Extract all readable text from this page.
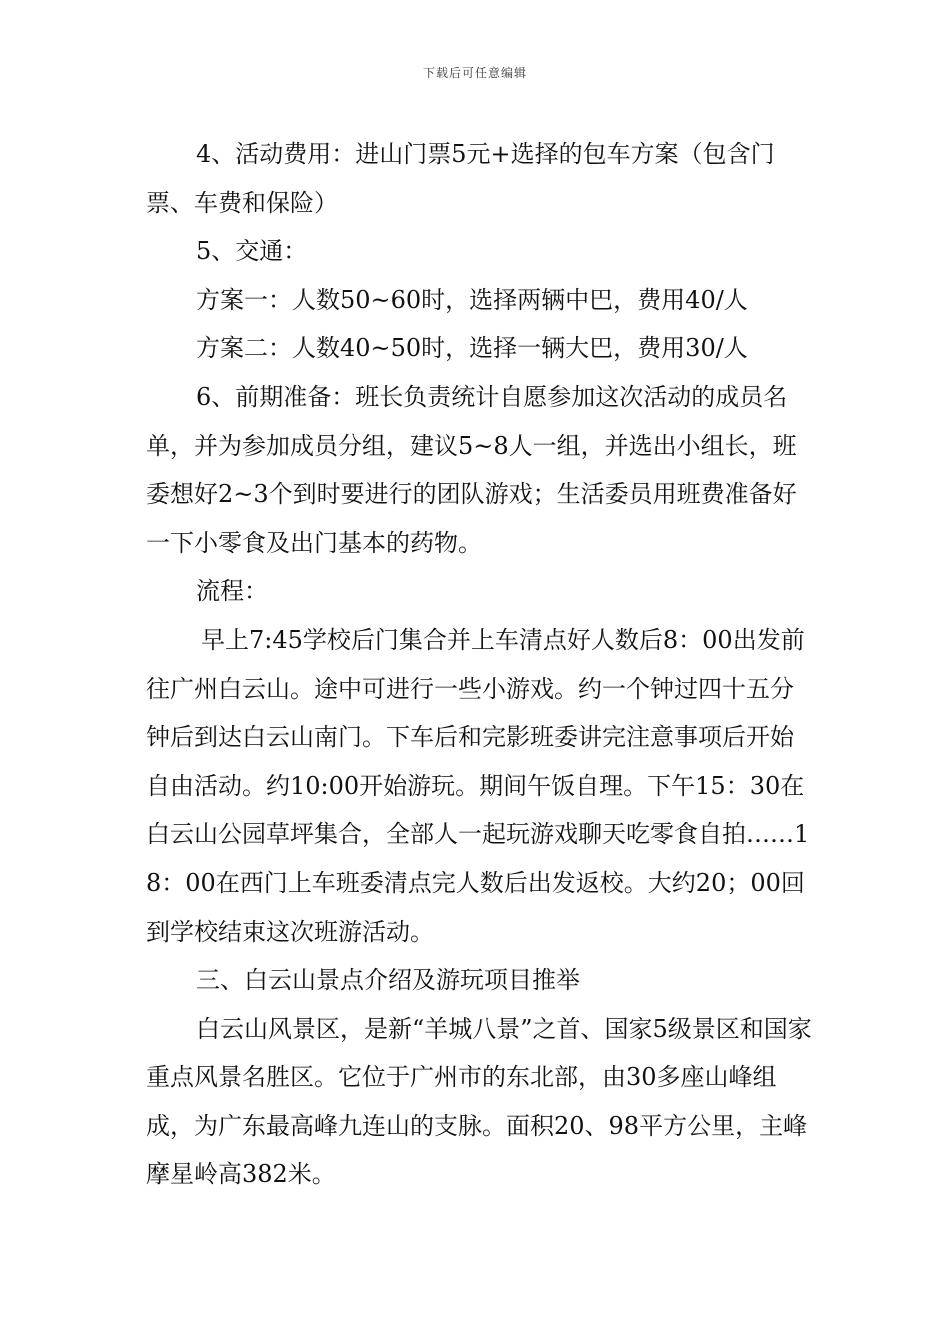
下载后可任意编辑

4、活动费用：进山门票5元+选择的包车方案（包含门票、车费和保险）

5、交通：

方案一：人数50~60时，选择两辆中巴，费用40/人

方案二：人数40~50时，选择一辆大巴，费用30/人

6、前期准备：班长负责统计自愿参加这次活动的成员名单，并为参加成员分组，建议5~8人一组，并选出小组长，班委想好2~3个到时要进行的团队游戏；生活委员用班费准备好一下小零食及出门基本的药物。

流程：

早上7:45学校后门集合并上车清点好人数后8：00出发前往广州白云山。途中可进行一些小游戏。约一个钟过四十五分钟后到达白云山南门。下车后和完影班委讲完注意事项后开始自由活动。约10:00开始游玩。期间午饭自理。下午15：30在白云山公园草坪集合，全部人一起玩游戏聊天吃零食自拍……18：00在西门上车班委清点完人数后出发返校。大约20；00回到学校结束这次班游活动。

三、白云山景点介绍及游玩项目推举

白云山风景区，是新“羊城八景”之首、国家5级景区和国家重点风景名胜区。它位于广州市的东北部，由30多座山峰组成，为广东最高峰九连山的支脉。面积20、98平方公里，主峰摩星岭高382米。
